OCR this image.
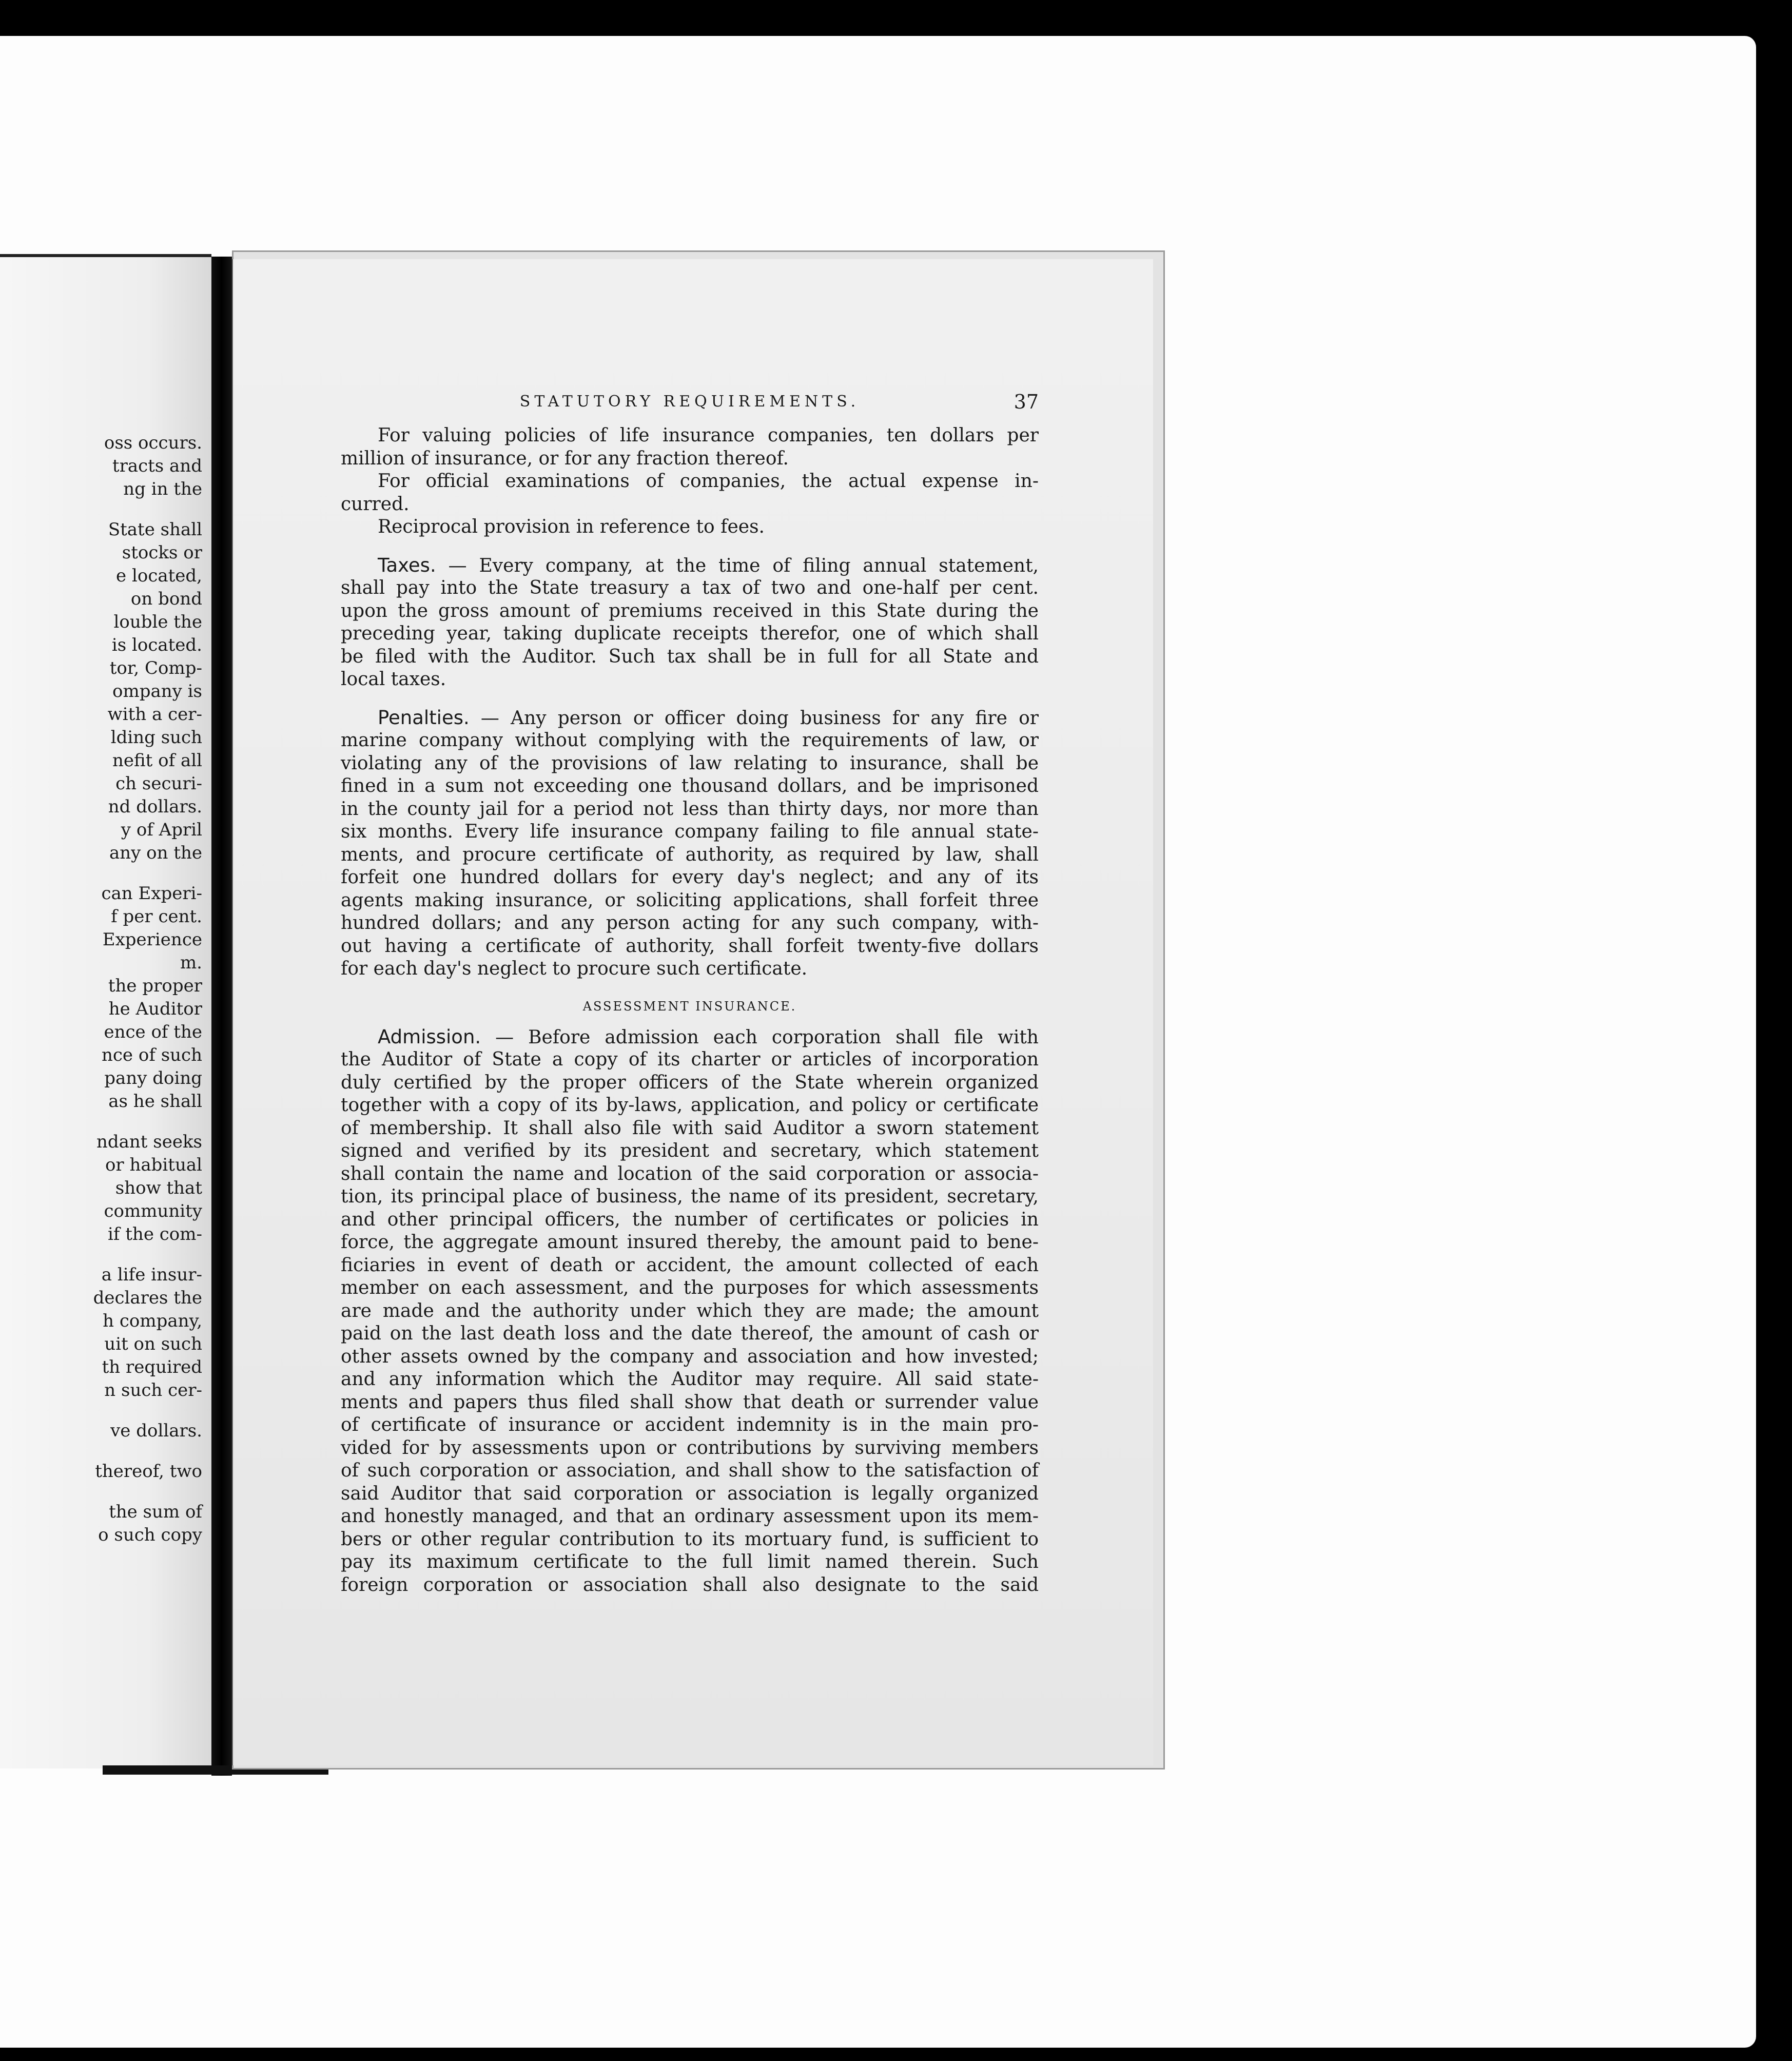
oss occurs.
tracts and
ng in the
State shall
stocks or
e located,
on bond
louble the
is located.
tor, Comp-
ompany is
with a cer-
lding such
nefit of all
ch securi-
nd dollars.
y of April
any on the
can Experi-
f per cent.
Experience
m.
the proper
he Auditor
ence of the
nce of such
pany doing
as he shall
ndant seeks
or habitual
show that
community
if the com-
a life insur-
declares the
h company,
uit on such
th required
n such cer-
ve dollars.
thereof, two
the sum of
o such copy
STATUTORY REQUIREMENTS.	37

For valuing policies of life insurance companies, ten dollars per
million of insurance, or for any fraction thereof.

For official examinations of companies, the actual expense in-
curred.

Reciprocal provision in reference to fees.

Taxes. — Every company, at the time of filing annual statement,
shall pay into the State treasury a tax of two and one-half per cent.
upon the gross amount of premiums received in this State during the
preceding year, taking duplicate receipts therefor, one of which shall
be filed with the Auditor. Such tax shall be in full for all State and
local taxes.

Penalties. — Any person or officer doing business for any fire or
marine company without complying with the requirements of law, or
violating any of the provisions of law relating to insurance, shall be
fined in a sum not exceeding one thousand dollars, and be imprisoned
in the county jail for a period not less than thirty days, nor more than
six months. Every life insurance company failing to file annual state-
ments, and procure certificate of authority, as required by law, shall
forfeit one hundred dollars for every day's neglect; and any of its
agents making insurance, or soliciting applications, shall forfeit three
hundred dollars; and any person acting for any such company, with-
out having a certificate of authority, shall forfeit twenty-five dollars
for each day's neglect to procure such certificate.

ASSESSMENT INSURANCE.

Admission. — Before admission each corporation shall file with
the Auditor of State a copy of its charter or articles of incorporation
duly certified by the proper officers of the State wherein organized
together with a copy of its by-laws, application, and policy or certificate
of membership. It shall also file with said Auditor a sworn statement
signed and verified by its president and secretary, which statement
shall contain the name and location of the said corporation or associa-
tion, its principal place of business, the name of its president, secretary,
and other principal officers, the number of certificates or policies in
force, the aggregate amount insured thereby, the amount paid to bene-
ficiaries in event of death or accident, the amount collected of each
member on each assessment, and the purposes for which assessments
are made and the authority under which they are made; the amount
paid on the last death loss and the date thereof, the amount of cash or
other assets owned by the company and association and how invested;
and any information which the Auditor may require. All said state-
ments and papers thus filed shall show that death or surrender value
of certificate of insurance or accident indemnity is in the main pro-
vided for by assessments upon or contributions by surviving members
of such corporation or association, and shall show to the satisfaction of
said Auditor that said corporation or association is legally organized
and honestly managed, and that an ordinary assessment upon its mem-
bers or other regular contribution to its mortuary fund, is sufficient to
pay its maximum certificate to the full limit named therein. Such
foreign corporation or association shall also designate to the said
